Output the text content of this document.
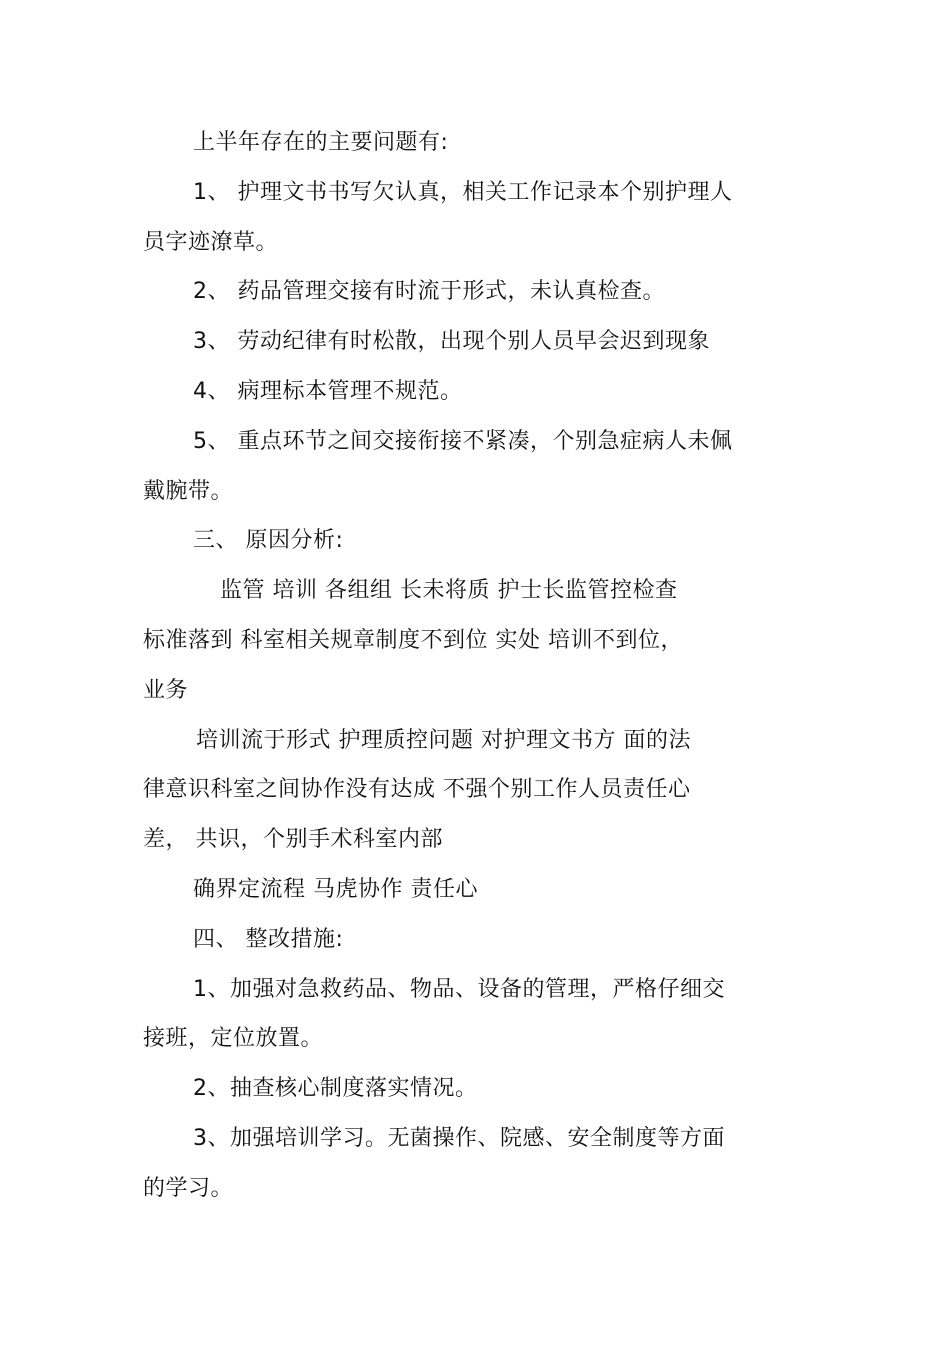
上半年存在的主要问题有:
1、 护理文书书写欠认真，相关工作记录本个别护理人
员字迹潦草。
2、 药品管理交接有时流于形式，未认真检查。
3、 劳动纪律有时松散，出现个别人员早会迟到现象
4、 病理标本管理不规范。
5、 重点环节之间交接衔接不紧凑，个别急症病人未佩
戴腕带。
三、 原因分析:
监管 培训 各组组 长未将质 护士长监管控检查
标准落到 科室相关规章制度不到位 实处 培训不到位，
业务
培训流于形式 护理质控问题 对护理文书方 面的法
律意识科室之间协作没有达成 不强个别工作人员责任心
差， 共识，个别手术科室内部
确界定流程 马虎协作 责任心
四、 整改措施:
1、加强对急救药品、物品、设备的管理，严格仔细交
接班，定位放置。
2、抽查核心制度落实情况。
3、加强培训学习。无菌操作、院感、安全制度等方面
的学习。
